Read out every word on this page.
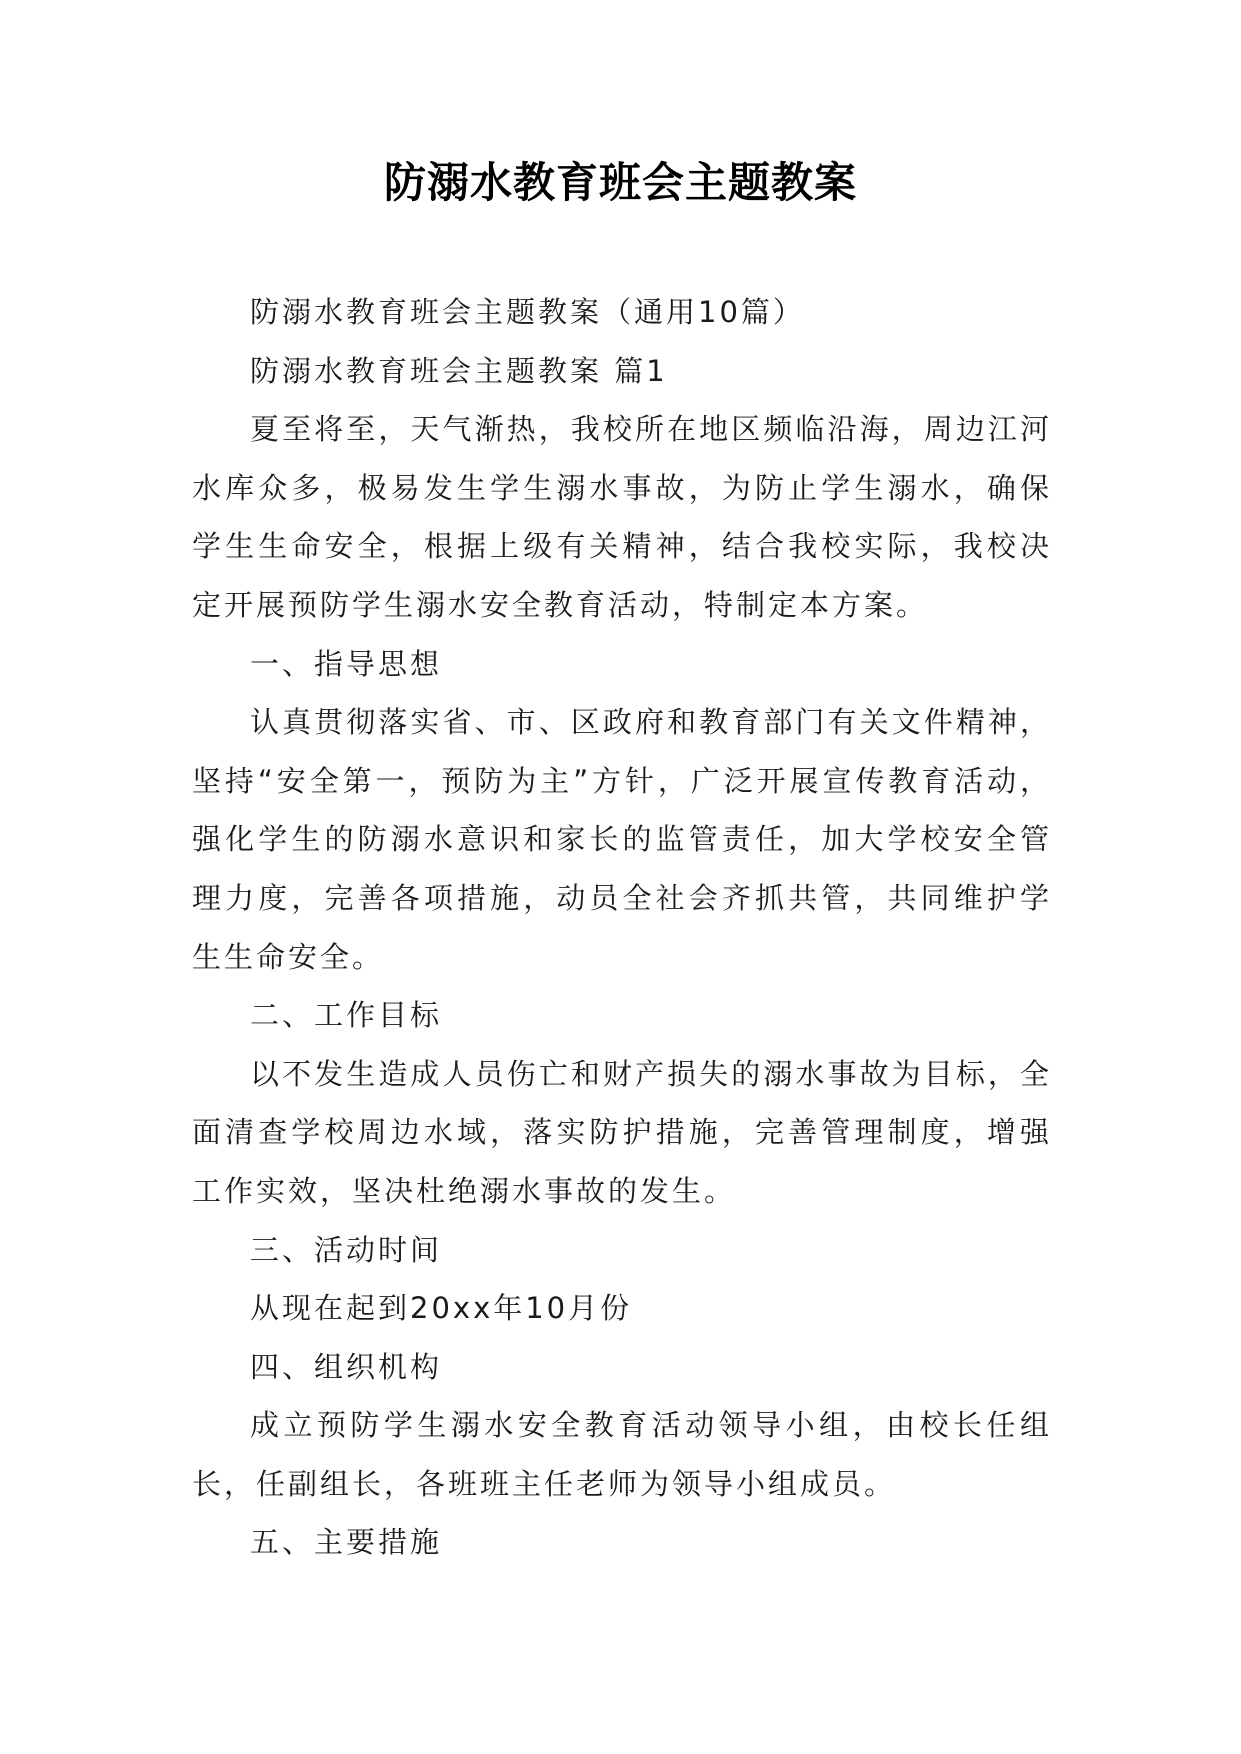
防溺水教育班会主题教案

防溺水教育班会主题教案（通用10篇）

防溺水教育班会主题教案 篇1

夏至将至，天气渐热，我校所在地区频临沿海，周边江河水库众多，极易发生学生溺水事故，为防止学生溺水，确保学生生命安全，根据上级有关精神，结合我校实际，我校决定开展预防学生溺水安全教育活动，特制定本方案。

一、指导思想

认真贯彻落实省、市、区政府和教育部门有关文件精神，坚持“安全第一，预防为主”方针，广泛开展宣传教育活动，强化学生的防溺水意识和家长的监管责任，加大学校安全管理力度，完善各项措施，动员全社会齐抓共管，共同维护学生生命安全。

二、工作目标

以不发生造成人员伤亡和财产损失的溺水事故为目标，全面清查学校周边水域，落实防护措施，完善管理制度，增强工作实效，坚决杜绝溺水事故的发生。

三、活动时间

从现在起到20xx年10月份

四、组织机构

成立预防学生溺水安全教育活动领导小组，由校长任组长，任副组长，各班班主任老师为领导小组成员。

五、主要措施
